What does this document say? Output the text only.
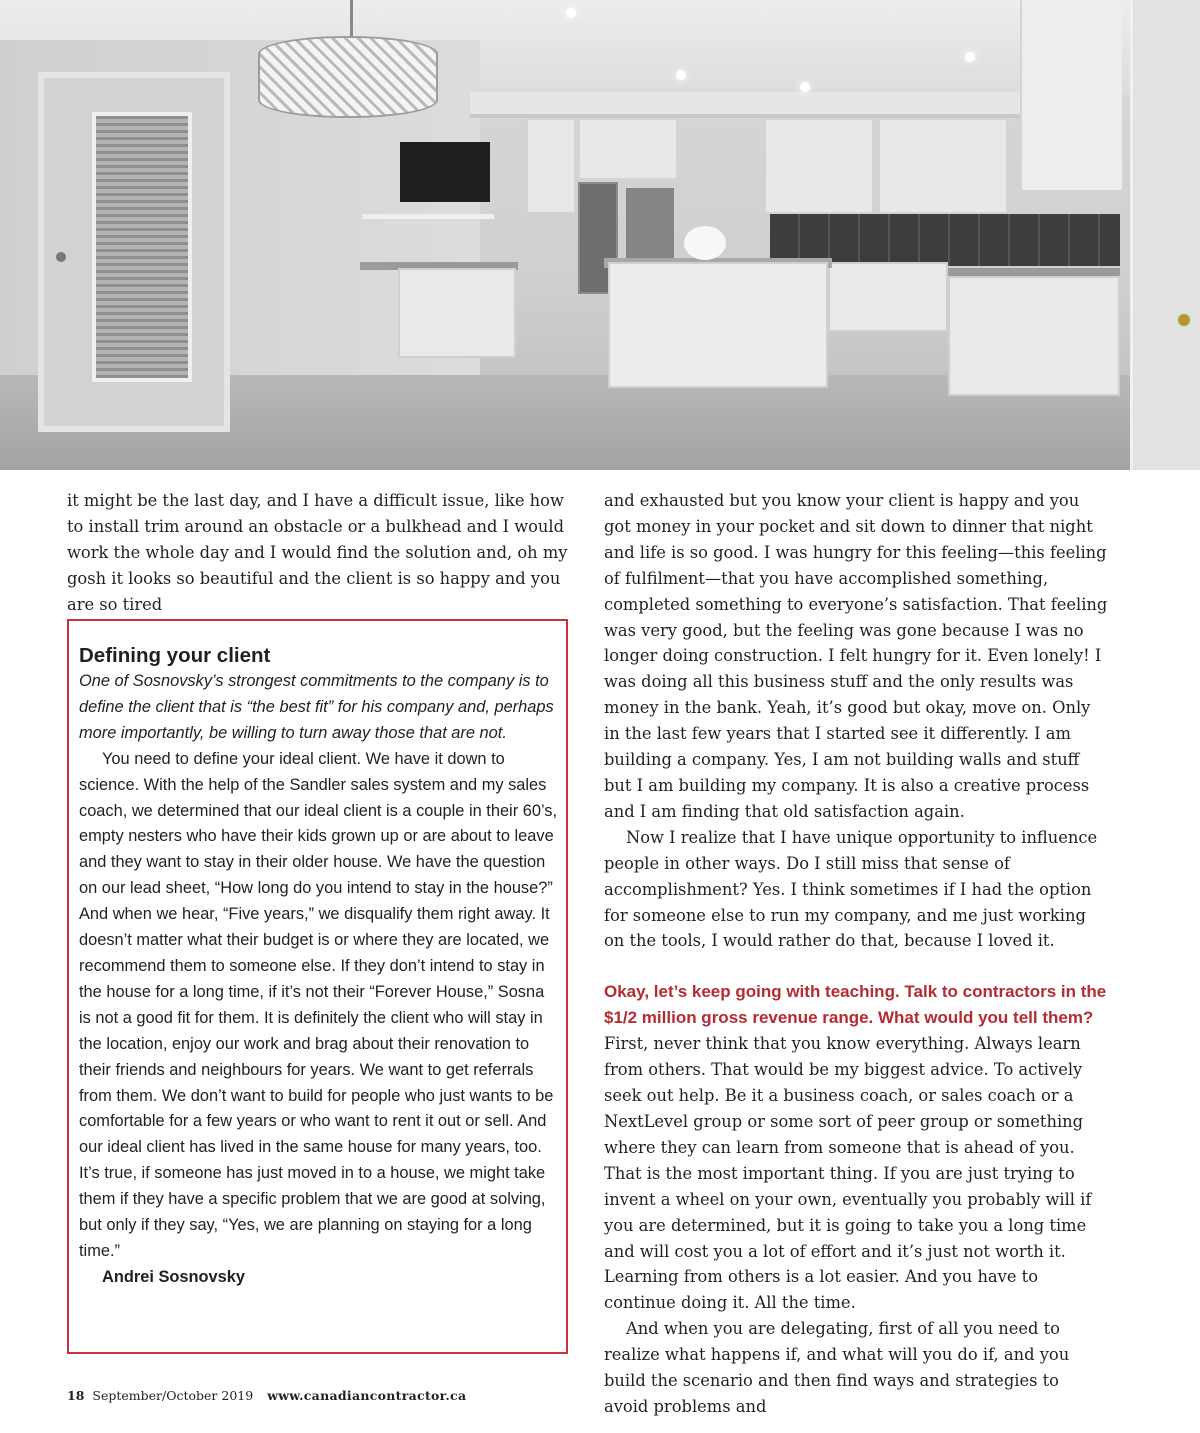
it might be the last day, and I have a difficult issue, like how to install trim around an obstacle or a bulkhead and I would work the whole day and I would find the solution and, oh my gosh it looks so beautiful and the client is so happy and you are so tired

Defining your client

One of Sosnovsky’s strongest commitments to the company is to define the client that is “the best fit” for his company and, perhaps more importantly, be willing to turn away those that are not.

You need to define your ideal client. We have it down to science. With the help of the Sandler sales system and my sales coach, we determined that our ideal client is a couple in their 60’s, empty nesters who have their kids grown up or are about to leave and they want to stay in their older house. We have the question on our lead sheet, “How long do you intend to stay in the house?” And when we hear, “Five years,” we disqualify them right away. It doesn’t matter what their budget is or where they are located, we recommend them to someone else. If they don’t intend to stay in the house for a long time, if it’s not their “Forever House,” Sosna is not a good fit for them. It is definitely the client who will stay in the location, enjoy our work and brag about their renovation to their friends and neighbours for years. We want to get referrals from them. We don’t want to build for people who just wants to be comfortable for a few years or who want to rent it out or sell. And our ideal client has lived in the same house for many years, too. It’s true, if someone has just moved in to a house, we might take them if they have a specific problem that we are good at solving, but only if they say, “Yes, we are planning on staying for a long time.”

Andrei Sosnovsky

and exhausted but you know your client is happy and you got money in your pocket and sit down to dinner that night and life is so good. I was hungry for this feeling—this feeling of fulfilment—that you have accomplished something, completed something to everyone’s satisfaction. That feeling was very good, but the feeling was gone because I was no longer doing construction. I felt hungry for it. Even lonely! I was doing all this business stuff and the only results was money in the bank. Yeah, it’s good but okay, move on. Only in the last few years that I started see it differently. I am building a company. Yes, I am not building walls and stuff but I am building my company. It is also a creative process and I am finding that old satisfaction again.

Now I realize that I have unique opportunity to influence people in other ways. Do I still miss that sense of accomplishment? Yes. I think sometimes if I had the option for someone else to run my company, and me just working on the tools, I would rather do that, because I loved it.

Okay, let’s keep going with teaching. Talk to contractors in the $1/2 million gross revenue range. What would you tell them?

First, never think that you know everything. Always learn from others. That would be my biggest advice. To actively seek out help. Be it a business coach, or sales coach or a NextLevel group or some sort of peer group or something where they can learn from someone that is ahead of you. That is the most important thing. If you are just trying to invent a wheel on your own, eventually you probably will if you are determined, but it is going to take you a long time and will cost you a lot of effort and it’s just not worth it. Learning from others is a lot easier. And you have to continue doing it. All the time.

And when you are delegating, first of all you need to realize what happens if, and what will you do if, and you build the scenario and then find ways and strategies to avoid problems and

18 September/October 2019 www.canadiancontractor.ca
